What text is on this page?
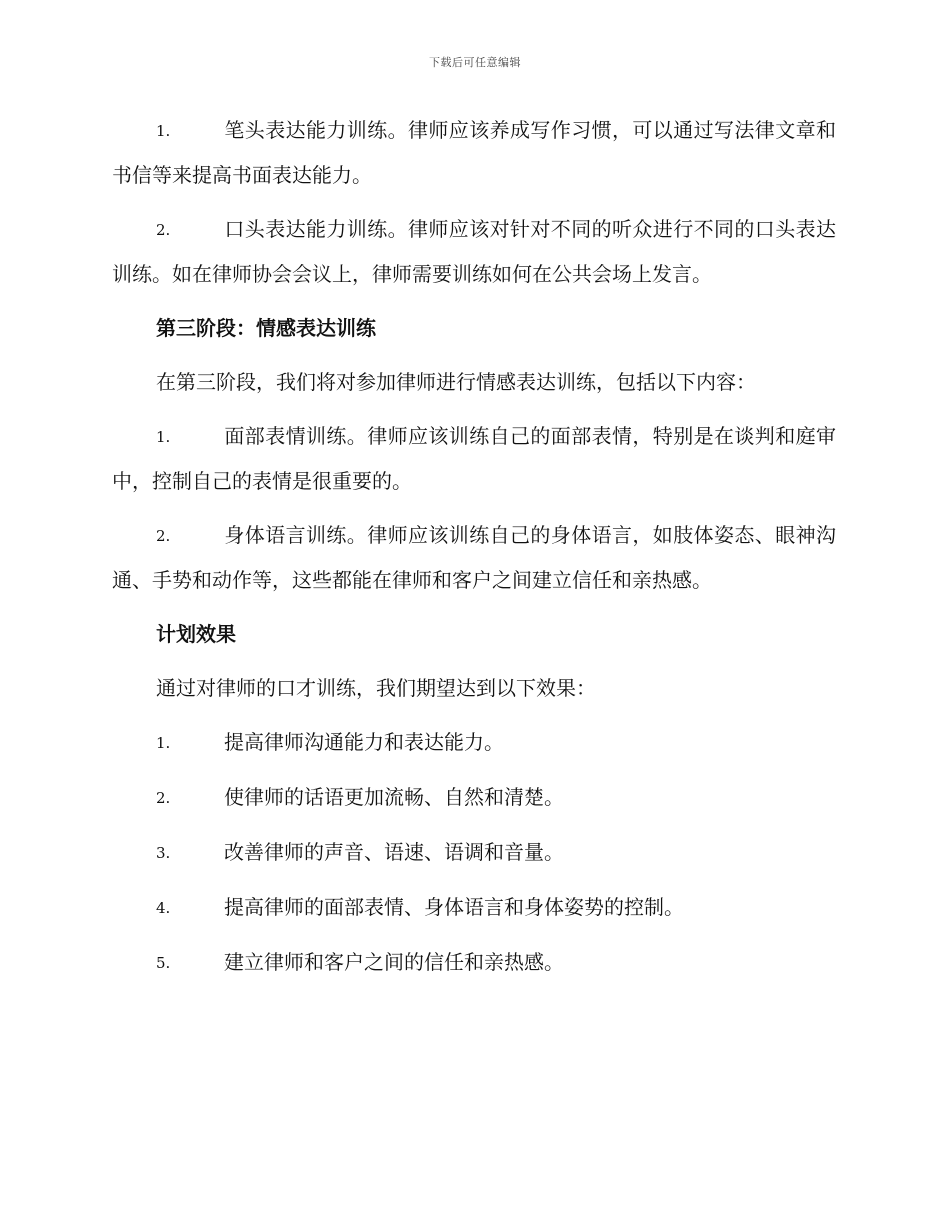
下载后可任意编辑
1.	笔头表达能力训练。律师应该养成写作习惯，可以通过写法律文章和书信等来提高书面表达能力。
2.	口头表达能力训练。律师应该对针对不同的听众进行不同的口头表达训练。如在律师协会会议上，律师需要训练如何在公共会场上发言。
第三阶段：情感表达训练
在第三阶段，我们将对参加律师进行情感表达训练，包括以下内容：
1.	面部表情训练。律师应该训练自己的面部表情，特别是在谈判和庭审中，控制自己的表情是很重要的。
2.	身体语言训练。律师应该训练自己的身体语言，如肢体姿态、眼神沟通、手势和动作等，这些都能在律师和客户之间建立信任和亲热感。
计划效果
通过对律师的口才训练，我们期望达到以下效果：
1.	提高律师沟通能力和表达能力。
2.	使律师的话语更加流畅、自然和清楚。
3.	改善律师的声音、语速、语调和音量。
4.	提高律师的面部表情、身体语言和身体姿势的控制。
5.	建立律师和客户之间的信任和亲热感。
